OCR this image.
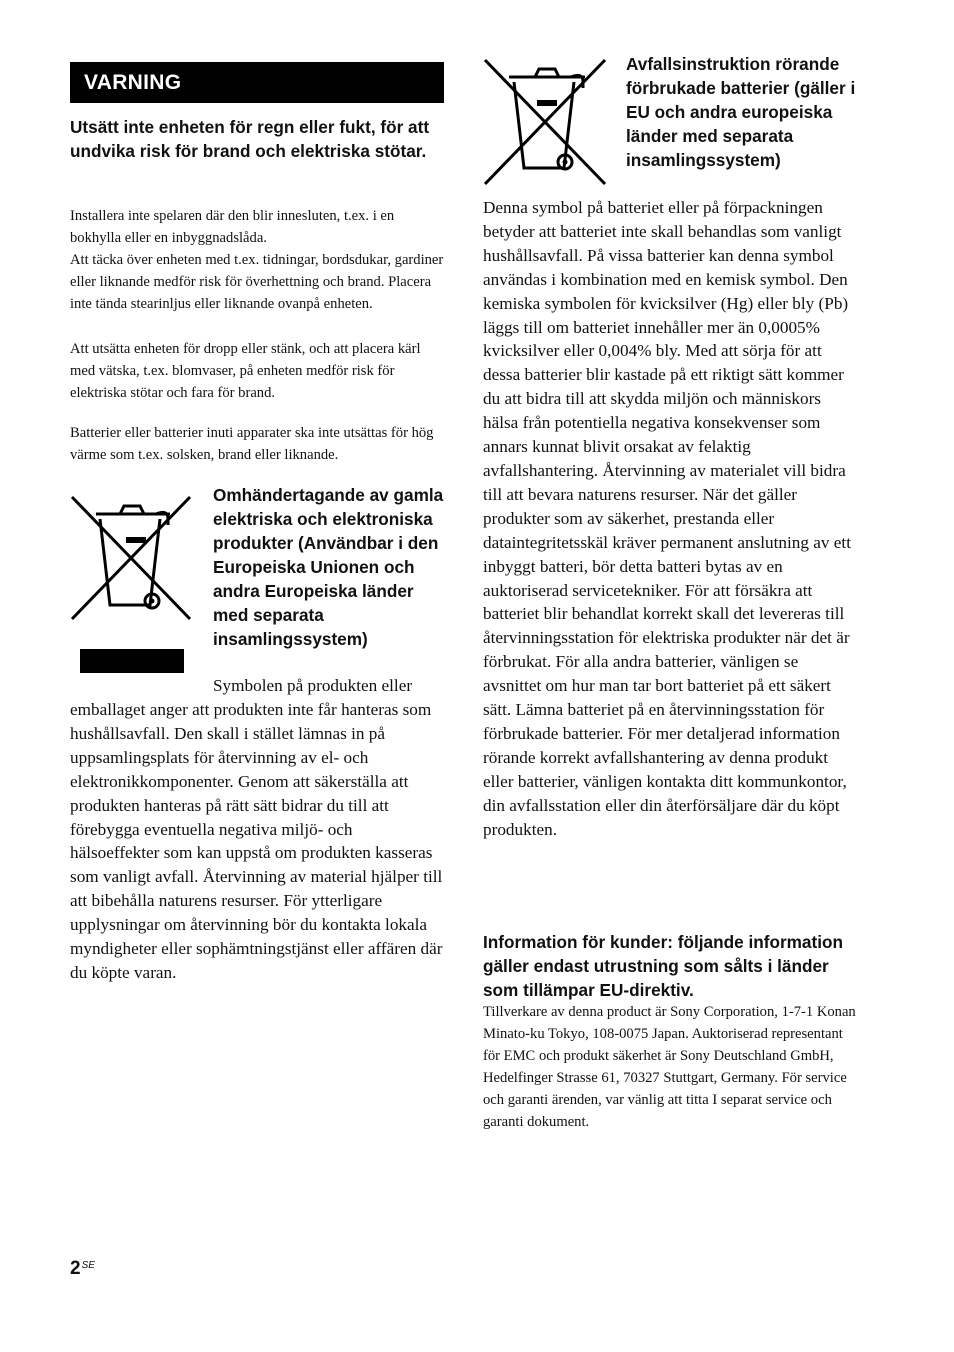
VARNING

Utsätt inte enheten för regn eller fukt, för att undvika risk för brand och elektriska stötar.

Installera inte spelaren där den blir innesluten, t.ex. i en bokhylla eller en inbyggnadslåda.

Att täcka över enheten med t.ex. tidningar, bordsdukar, gardiner eller liknande medför risk för överhettning och brand. Placera inte tända stearinljus eller liknande ovanpå enheten.

Att utsätta enheten för dropp eller stänk, och att placera kärl med vätska, t.ex. blomvaser, på enheten medför risk för elektriska stötar och fara för brand.

Batterier eller batterier inuti apparater ska inte utsättas för hög värme som t.ex. solsken, brand eller liknande.

Omhändertagande av gamla elektriska och elektroniska produkter (Användbar i den Europeiska Unionen och andra Europeiska länder med separata insamlingssystem)

Symbolen på produkten eller

emballaget anger att produkten inte får hanteras som hushållsavfall. Den skall i stället lämnas in på uppsamlingsplats för återvinning av el- och elektronikkomponenter. Genom att säkerställa att produkten hanteras på rätt sätt bidrar du till att förebygga eventuella negativa miljö- och hälsoeffekter som kan uppstå om produkten kasseras som vanligt avfall. Återvinning av material hjälper till att bibehålla naturens resurser. För ytterligare upplysningar om återvinning bör du kontakta lokala myndigheter eller sophämtningstjänst eller affären där du köpte varan.

Avfallsinstruktion rörande förbrukade batterier (gäller i EU och andra europeiska länder med separata insamlingssystem)

Denna symbol på batteriet eller på förpackningen betyder att batteriet inte skall behandlas som vanligt hushållsavfall. På vissa batterier kan denna symbol användas i kombination med en kemisk symbol. Den kemiska symbolen för kvicksilver (Hg) eller bly (Pb) läggs till om batteriet innehåller mer än 0,0005% kvicksilver eller 0,004% bly. Med att sörja för att dessa batterier blir kastade på ett riktigt sätt kommer du att bidra till att skydda miljön och människors hälsa från potentiella negativa konsekvenser som annars kunnat blivit orsakat av felaktig avfallshantering. Återvinning av materialet vill bidra till att bevara naturens resurser. När det gäller produkter som av säkerhet, prestanda eller dataintegritetsskäl kräver permanent anslutning av ett inbyggt batteri, bör detta batteri bytas av en auktoriserad servicetekniker. För att försäkra att batteriet blir behandlat korrekt skall det levereras till återvinningsstation för elektriska produkter när det är förbrukat. För alla andra batterier, vänligen se avsnittet om hur man tar bort batteriet på ett säkert sätt. Lämna batteriet på en återvinningsstation för förbrukade batterier. För mer detaljerad information rörande korrekt avfallshantering av denna produkt eller batterier, vänligen kontakta ditt kommunkontor, din avfallsstation eller din återförsäljare där du köpt produkten.

Information för kunder: följande information gäller endast utrustning som sålts i länder som tillämpar EU-direktiv.

Tillverkare av denna product är Sony Corporation, 1-7-1 Konan Minato-ku Tokyo, 108-0075 Japan. Auktoriserad representant för EMC och produkt säkerhet är Sony Deutschland GmbH, Hedelfinger Strasse 61, 70327 Stuttgart, Germany. För service och garanti ärenden, var vänlig att titta I separat service och garanti dokument.

$2^{SE}$
